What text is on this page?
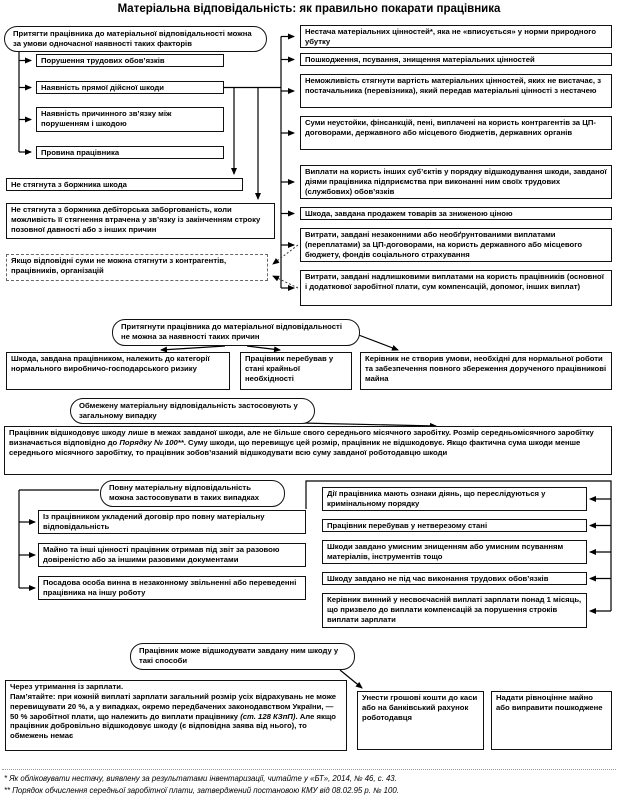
Матеріальна відповідальність: як правильно покарати працівника
Притягти працівника до матеріальної відповідальності можна за умови одночасної наявності таких факторів
Порушення трудових обов’язків
Наявність прямої дійсної шкоди
Наявність причинного зв’язку між порушенням і шкодою
Провина працівника
Не стягнута з боржника шкода
Не стягнута з боржника дебіторська заборгованість, коли можливість її стягнення втрачена у зв’язку із закінченням строку позовної давності або з інших причин
Якщо відповідні суми не можна стягнути з контрагентів, працівників, організацій
Нестача матеріальних цінностей*, яка не «вписується» у норми природного убутку
Пошкодження, псування, знищення матеріальних цінностей
Неможливість стягнути вартість матеріальних цінностей, яких не вистачає, з постачальника (перевізника), який передав матеріальні цінності з нестачею
Суми неустойки, фінсанкцій, пені, виплачені на користь контрагентів за ЦП-договорами, державного або місцевого бюджетів, державних органів
Виплати на користь інших суб’єктів у порядку відшкодування шкоди, завданої діями працівника підприємства при виконанні ним своїх трудових (службових) обов’язків
Шкода, завдана продажем товарів за зниженою ціною
Витрати, завдані незаконними або необґрунтованими виплатами (переплатами) за ЦП-договорами, на користь державного або місцевого бюджету, фондів соціального страхування
Витрати, завдані надлишковими виплатами на користь працівників (основної і додаткової заробітної плати, сум компенсацій, допомог, інших виплат)
Притягнути працівника до матеріальної відповідальності не можна за наявності таких причин
Шкода, завдана працівником, належить до категорії нормального виробничо-господарського ризику
Працівник перебував у стані крайньої необхідності
Керівник не створив умови, необхідні для нормальної роботи та забезпечення повного збереження дорученого працівникові майна
Обмежену матеріальну відповідальність застосовують у загальному випадку
Працівник відшкодовує шкоду лише в межах завданої шкоди, але не більше свого середнього місячного заробітку. Розмір середньомісячного заробітку визначається відповідно до Порядку № 100**. Суму шкоди, що перевищує цей розмір, працівник не відшкодовує. Якщо фактична сума шкоди менше середнього місячного заробітку, то працівник зобов’язаний відшкодувати всю суму завданої роботодавцю шкоди
Повну матеріальну відповідальність можна застосовувати в таких випадках
Із працівником укладений договір про повну матеріальну відповідальність
Майно та інші цінності працівник отримав під звіт за разовою довіреністю або за іншими разовими документами
Посадова особа винна в незаконному звільненні або переведенні працівника на іншу роботу
Дії працівника мають ознаки діянь, що переслідуються у кримінальному порядку
Працівник перебував у нетверезому стані
Шкоди завдано умисним знищенням або умисним псуванням матеріалів, інструментів тощо
Шкоду завдано не під час виконання трудових обов’язків
Керівник винний у несвоєчасній виплаті зарплати понад 1 місяць, що призвело до виплати компенсацій за порушення строків виплати зарплати
Працівник може відшкодувати завдану ним шкоду у такі способи
Через утримання із зарплати.
Пам’ятайте: при кожній виплаті зарплати загальний розмір усіх відрахувань не може перевищувати 20 %, а у випадках, окремо передбачених законодавством України, — 50 % заробітної плати, що належить до виплати працівнику (ст. 128 КЗпП). Але якщо працівник добровільно відшкодовує шкоду (є відповідна заява від нього), то обмежень немає
Унести грошові кошти до каси або на банківський рахунок роботодавця
Надати рівноцінне майно або виправити пошкоджене
* Як обліковувати нестачу, виявлену за результатами інвентаризації, читайте у «БТ», 2014, № 46, с. 43.
** Порядок обчислення середньої заробітної плати, затверджений постановою КМУ від 08.02.95 р. № 100.
